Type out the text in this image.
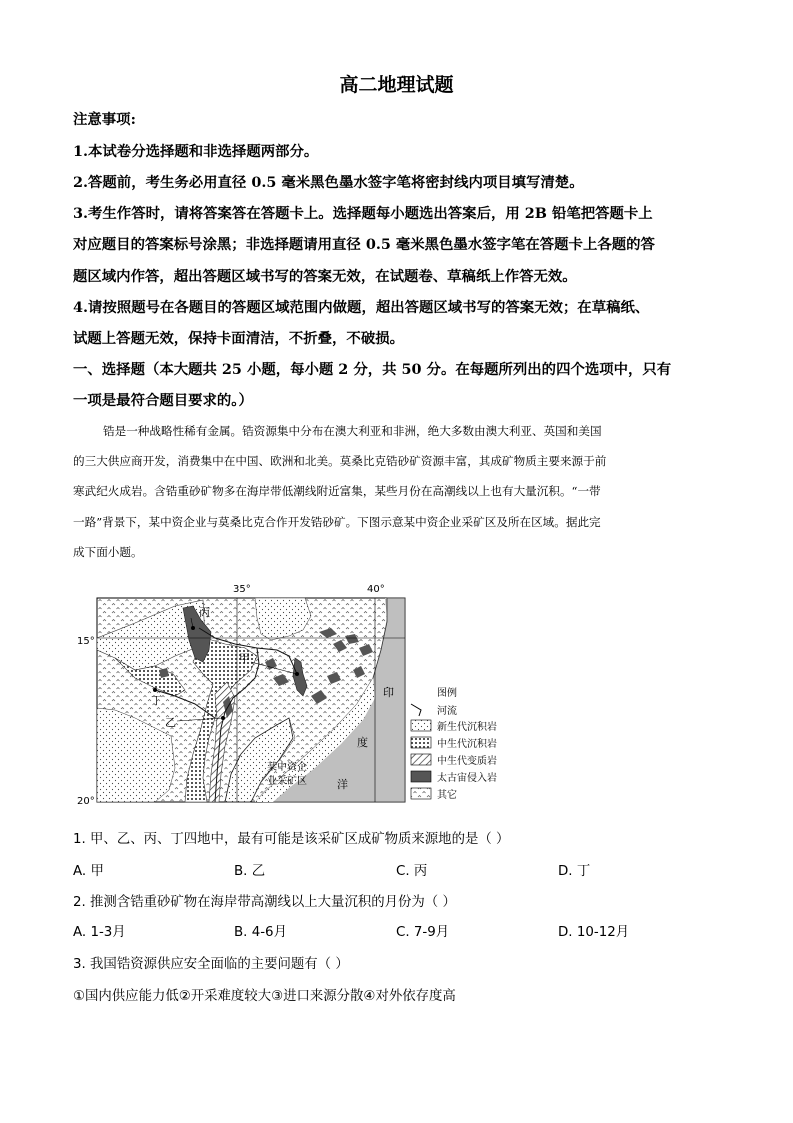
高二地理试题
注意事项:
1.本试卷分选择题和非选择题两部分。
2.答题前，考生务必用直径 0.5 毫米黑色墨水签字笔将密封线内项目填写清楚。
3.考生作答时，请将答案答在答题卡上。选择题每小题选出答案后，用 2B 铅笔把答题卡上
对应题目的答案标号涂黑；非选择题请用直径 0.5 毫米黑色墨水签字笔在答题卡上各题的答
题区域内作答，超出答题区域书写的答案无效，在试题卷、草稿纸上作答无效。
4.请按照题号在各题目的答题区域范围内做题，超出答题区域书写的答案无效；在草稿纸、
试题上答题无效，保持卡面清洁，不折叠，不破损。
一、选择题（本大题共 25 小题，每小题 2 分，共 50 分。在每题所列出的四个选项中，只有
一项是最符合题目要求的。）
锆是一种战略性稀有金属。锆资源集中分布在澳大利亚和非洲，绝大多数由澳大利亚、英国和美国
的三大供应商开发，消费集中在中国、欧洲和北美。莫桑比克锆砂矿资源丰富，其成矿物质主要来源于前
寒武纪火成岩。含锆重砂矿物多在海岸带低潮线附近富集，某些月份在高潮线以上也有大量沉积。“一带
一路”背景下，某中资企业与莫桑比克合作开发锆砂矿。下图示意某中资企业采矿区及所在区域。据此完
成下面小题。
35°	40°
15°
20°
丙
甲
丁
乙
印
度
洋
某中资企
业采矿区
图例
河流
新生代沉积岩
中生代沉积岩
中生代变质岩
太古宙侵入岩
其它
1. 甲、乙、丙、丁四地中，最有可能是该采矿区成矿物质来源地的是（ ）
A. 甲	B. 乙	C. 丙	D. 丁
2. 推测含锆重砂矿物在海岸带高潮线以上大量沉积的月份为（ ）
A. 1-3月	B. 4-6月	C. 7-9月	D. 10-12月
3. 我国锆资源供应安全面临的主要问题有（ ）
①国内供应能力低②开采难度较大③进口来源分散④对外依存度高
